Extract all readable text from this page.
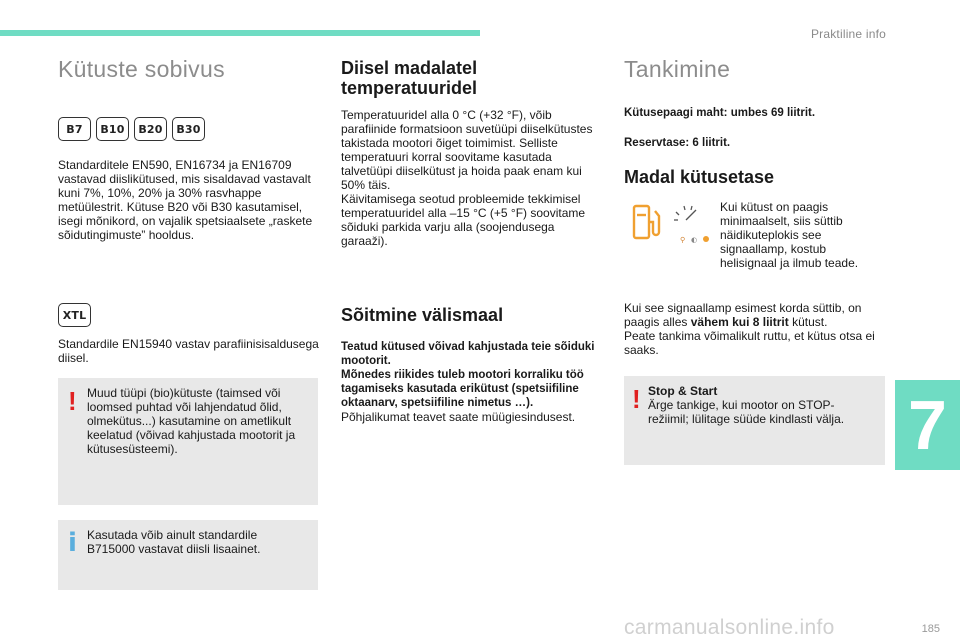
Praktiline info
Kütuste sobivus
B7	B10	B20	B30

Standarditele EN590, EN16734 ja EN16709 vastavad diislikütused, mis sisaldavad vastavalt kuni 7%, 10%, 20% ja 30% rasvhappe metüülestrit. Kütuse B20 või B30 kasutamisel, isegi mõnikord, on vajalik spetsiaalsete „raskete sõidutingimuste” hooldus.

XTL

Standardile EN15940 vastav parafiinisisaldusega diisel.

! Muud tüüpi (bio)kütuste (taimsed või loomsed puhtad või lahjendatud õlid, olmekütus...) kasutamine on ametlikult keelatud (võivad kahjustada mootorit ja kütusesüsteemi).
i Kasutada võib ainult standardile B715000 vastavat diisli lisaainet.
Diisel madalatel temperatuuridel

Temperatuuridel alla 0 °C (+32 °F), võib parafiinide formatsioon suvetüüpi diiselkütustes takistada mootori õiget toimimist. Selliste temperatuuri korral soovitame kasutada talvetüüpi diiselkütust ja hoida paak enam kui 50% täis.

Käivitamisega seotud probleemide tekkimisel temperatuuridel alla –15 °C (+5 °F) soovitame sõiduki parkida varju alla (soojendusega garaaži).

Sõitmine välismaal

Teatud kütused võivad kahjustada teie sõiduki mootorit.
Mõnedes riikides tuleb mootori korraliku töö tagamiseks kasutada erikütust (spetsiifiline oktaanarv, spetsiifiline nimetus …).

Põhjalikumat teavet saate müügiesindusest.

Tankimine

Kütusepaagi maht: umbes 69 liitrit.

Reservtase: 6 liitrit.

Madal kütusetase
⚲ ◐

Kui kütust on paagis minimaalselt, siis süttib näidikuteplokis see signaallamp, kostub helisignaal ja ilmub teade.

Kui see signaallamp esimest korda süttib, on paagis alles vähem kui 8 liitrit kütust.
Peate tankima võimalikult ruttu, et kütus otsa ei saaks.

! Stop & Start
Ärge tankige, kui mootor on STOP-režiimil; lülitage süüde kindlasti välja. 7
185
carmanualsonline.info
